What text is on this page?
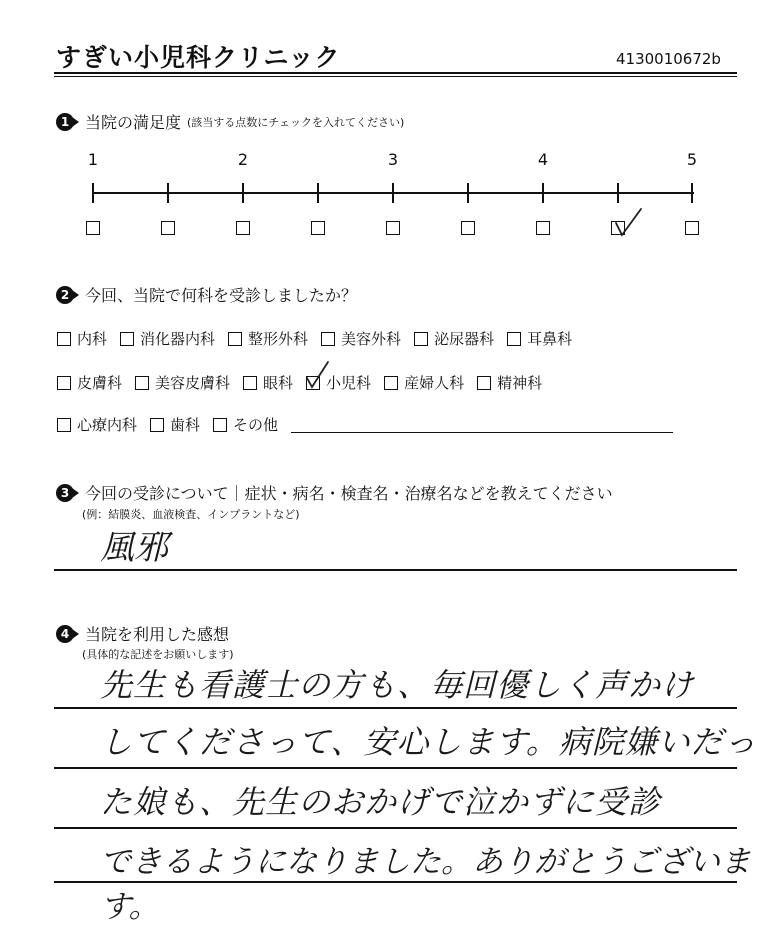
すぎい小児科クリニック	4130010672b
1 当院の満足度 (該当する点数にチェックを入れてください)
1	2	3	4	5
2 今回、当院で何科を受診しましたか？
内科 消化器内科 整形外科 美容外科 泌尿器科 耳鼻科
皮膚科 美容皮膚科 眼科 小児科 産婦人科 精神科
心療内科 歯科 その他
3 今回の受診について｜症状・病名・検査名・治療名などを教えてください
(例：結膜炎、血液検査、インプラントなど)
風邪
4 当院を利用した感想
(具体的な記述をお願いします)
先生も看護士の方も、毎回優しく声かけ
してくださって、安心します。病院嫌いだっ
た娘も、先生のおかげで泣かずに受診
できるようになりました。ありがとうございます。
